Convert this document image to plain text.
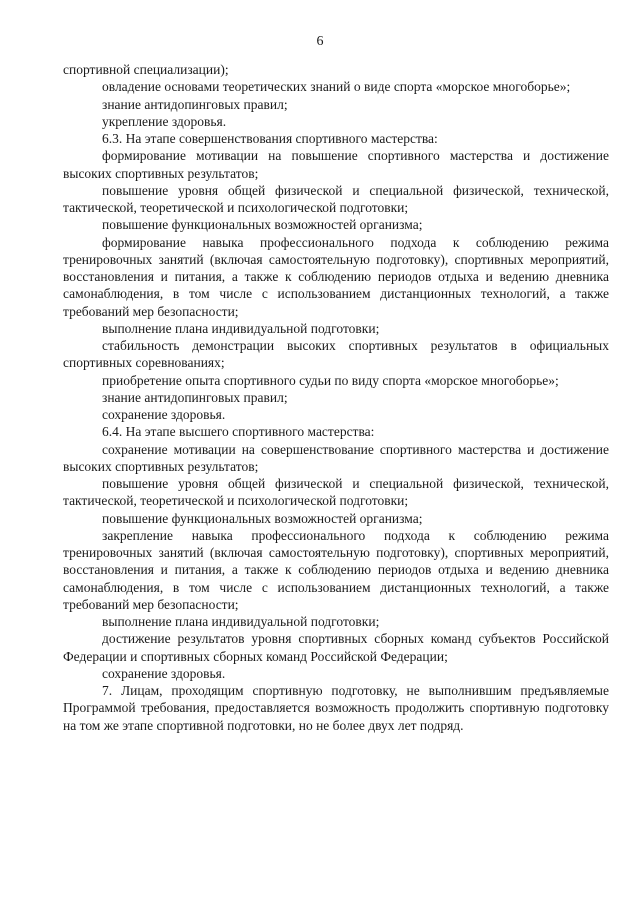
6

спортивной специализации);

овладение основами теоретических знаний о виде спорта «морское многоборье»;

знание антидопинговых правил;

укрепление здоровья.

6.3. На этапе совершенствования спортивного мастерства:

формирование мотивации на повышение спортивного мастерства и достижение высоких спортивных результатов;

повышение уровня общей физической и специальной физической, технической, тактической, теоретической и психологической подготовки;

повышение функциональных возможностей организма;

формирование навыка профессионального подхода к соблюдению режима тренировочных занятий (включая самостоятельную подготовку), спортивных мероприятий, восстановления и питания, а также к соблюдению периодов отдыха и ведению дневника самонаблюдения, в том числе с использованием дистанционных технологий, а также требований мер безопасности;

выполнение плана индивидуальной подготовки;

стабильность демонстрации высоких спортивных результатов в официальных спортивных соревнованиях;

приобретение опыта спортивного судьи по виду спорта «морское многоборье»;

знание антидопинговых правил;

сохранение здоровья.

6.4. На этапе высшего спортивного мастерства:

сохранение мотивации на совершенствование спортивного мастерства и достижение высоких спортивных результатов;

повышение уровня общей физической и специальной физической, технической, тактической, теоретической и психологической подготовки;

повышение функциональных возможностей организма;

закрепление навыка профессионального подхода к соблюдению режима тренировочных занятий (включая самостоятельную подготовку), спортивных мероприятий, восстановления и питания, а также к соблюдению периодов отдыха и ведению дневника самонаблюдения, в том числе с использованием дистанционных технологий, а также требований мер безопасности;

выполнение плана индивидуальной подготовки;

достижение результатов уровня спортивных сборных команд субъектов Российской Федерации и спортивных сборных команд Российской Федерации;

сохранение здоровья.

7. Лицам, проходящим спортивную подготовку, не выполнившим предъявляемые Программой требования, предоставляется возможность продолжить спортивную подготовку на том же этапе спортивной подготовки, но не более двух лет подряд.
